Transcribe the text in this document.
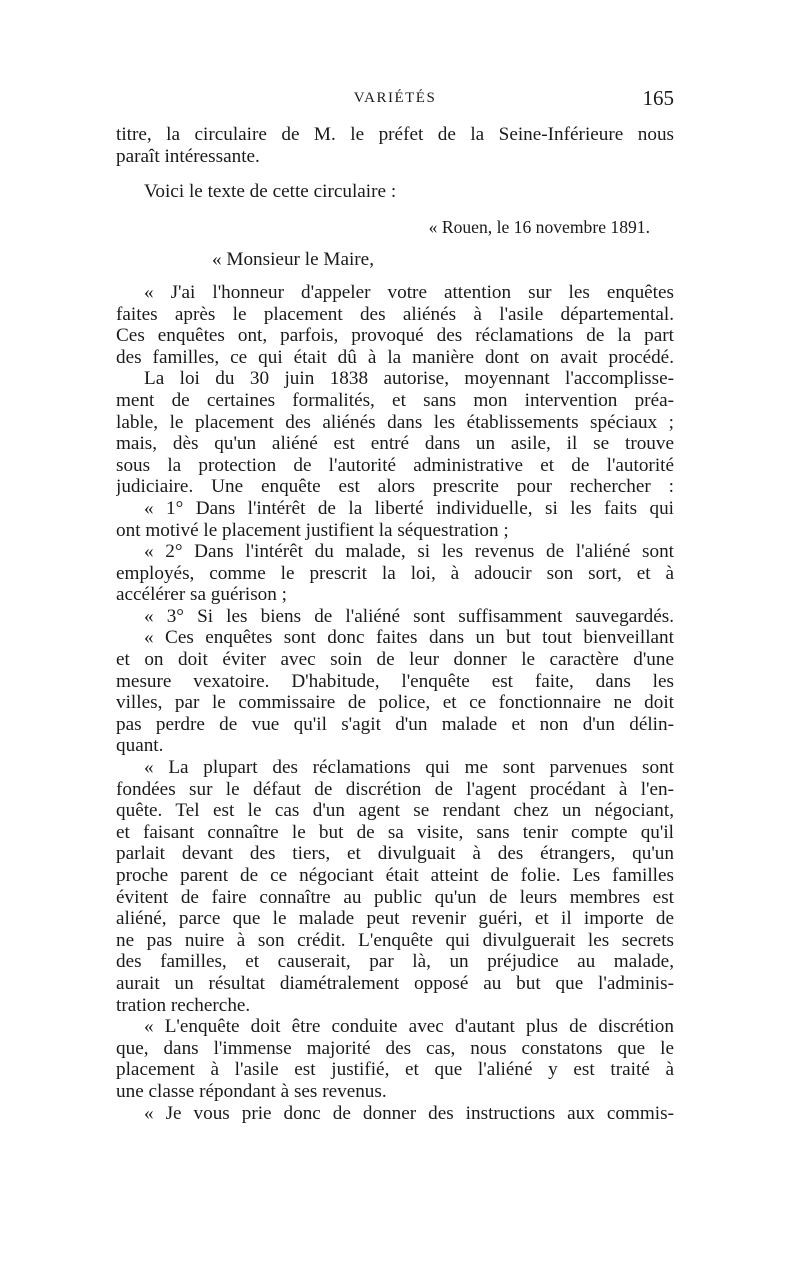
VARIÉTÉS	165
titre, la circulaire de M. le préfet de la Seine-Inférieure nous
paraît intéressante.
Voici le texte de cette circulaire :
« Rouen, le 16 novembre 1891.
« Monsieur le Maire,
« J'ai l'honneur d'appeler votre attention sur les enquêtes
faites après le placement des aliénés à l'asile départemental.
Ces enquêtes ont, parfois, provoqué des réclamations de la part
des familles, ce qui était dû à la manière dont on avait procédé.
La loi du 30 juin 1838 autorise, moyennant l'accomplisse-
ment de certaines formalités, et sans mon intervention préa-
lable, le placement des aliénés dans les établissements spéciaux ;
mais, dès qu'un aliéné est entré dans un asile, il se trouve
sous la protection de l'autorité administrative et de l'autorité
judiciaire. Une enquête est alors prescrite pour rechercher :
« 1° Dans l'intérêt de la liberté individuelle, si les faits qui
ont motivé le placement justifient la séquestration ;
« 2° Dans l'intérêt du malade, si les revenus de l'aliéné sont
employés, comme le prescrit la loi, à adoucir son sort, et à
accélérer sa guérison ;
« 3° Si les biens de l'aliéné sont suffisamment sauvegardés.
« Ces enquêtes sont donc faites dans un but tout bienveillant
et on doit éviter avec soin de leur donner le caractère d'une
mesure vexatoire. D'habitude, l'enquête est faite, dans les
villes, par le commissaire de police, et ce fonctionnaire ne doit
pas perdre de vue qu'il s'agit d'un malade et non d'un délin-
quant.
« La plupart des réclamations qui me sont parvenues sont
fondées sur le défaut de discrétion de l'agent procédant à l'en-
quête. Tel est le cas d'un agent se rendant chez un négociant,
et faisant connaître le but de sa visite, sans tenir compte qu'il
parlait devant des tiers, et divulguait à des étrangers, qu'un
proche parent de ce négociant était atteint de folie. Les familles
évitent de faire connaître au public qu'un de leurs membres est
aliéné, parce que le malade peut revenir guéri, et il importe de
ne pas nuire à son crédit. L'enquête qui divulguerait les secrets
des familles, et causerait, par là, un préjudice au malade,
aurait un résultat diamétralement opposé au but que l'adminis-
tration recherche.
« L'enquête doit être conduite avec d'autant plus de discrétion
que, dans l'immense majorité des cas, nous constatons que le
placement à l'asile est justifié, et que l'aliéné y est traité à
une classe répondant à ses revenus.
« Je vous prie donc de donner des instructions aux commis-
